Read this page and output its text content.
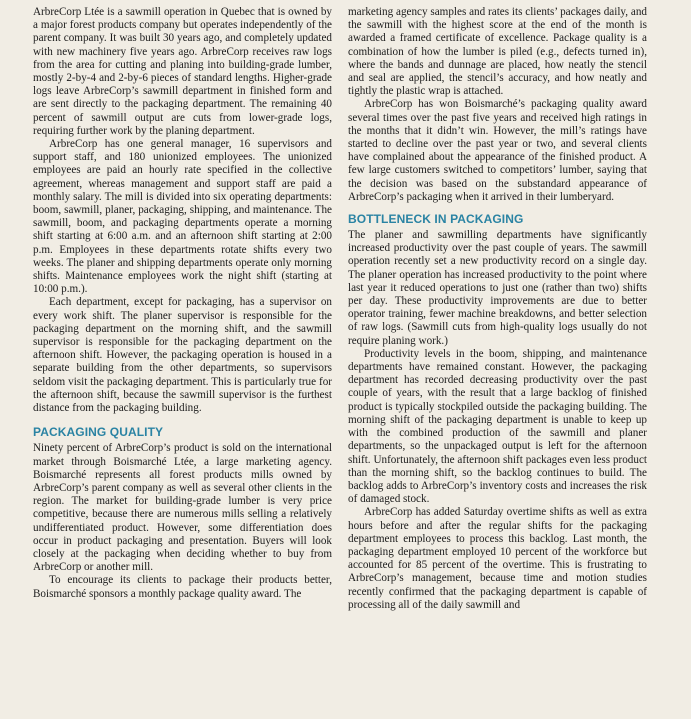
ArbreCorp Ltée is a sawmill operation in Quebec that is owned by a major forest products company but operates independently of the parent company. It was built 30 years ago, and completely updated with new machinery five years ago. ArbreCorp receives raw logs from the area for cutting and planing into building-grade lumber, mostly 2-by-4 and 2-by-6 pieces of standard lengths. Higher-grade logs leave ArbreCorp’s sawmill department in finished form and are sent directly to the packaging department. The remaining 40 percent of sawmill output are cuts from lower-grade logs, requiring further work by the planing department.

ArbreCorp has one general manager, 16 supervisors and support staff, and 180 unionized employees. The unionized employees are paid an hourly rate specified in the collective agreement, whereas management and support staff are paid a monthly salary. The mill is divided into six operating departments: boom, sawmill, planer, packaging, shipping, and maintenance. The sawmill, boom, and packaging departments operate a morning shift starting at 6:00 a.m. and an afternoon shift starting at 2:00 p.m. Employees in these departments rotate shifts every two weeks. The planer and shipping departments operate only morning shifts. Maintenance employees work the night shift (starting at 10:00 p.m.).

Each department, except for packaging, has a supervisor on every work shift. The planer supervisor is responsible for the packaging department on the morning shift, and the sawmill supervisor is responsible for the packaging department on the afternoon shift. However, the packaging operation is housed in a separate building from the other departments, so supervisors seldom visit the packaging department. This is particularly true for the afternoon shift, because the sawmill supervisor is the furthest distance from the packaging building.

PACKAGING QUALITY

Ninety percent of ArbreCorp’s product is sold on the international market through Boismarché Ltée, a large marketing agency. Boismarché represents all forest products mills owned by ArbreCorp’s parent company as well as several other clients in the region. The market for building-grade lumber is very price competitive, because there are numerous mills selling a relatively undifferentiated product. However, some differentiation does occur in product packaging and presentation. Buyers will look closely at the packaging when deciding whether to buy from ArbreCorp or another mill.

To encourage its clients to package their products better, Boismarché sponsors a monthly package quality award. The

marketing agency samples and rates its clients’ packages daily, and the sawmill with the highest score at the end of the month is awarded a framed certificate of excellence. Package quality is a combination of how the lumber is piled (e.g., defects turned in), where the bands and dunnage are placed, how neatly the stencil and seal are applied, the stencil’s accuracy, and how neatly and tightly the plastic wrap is attached.

ArbreCorp has won Boismarché’s packaging quality award several times over the past five years and received high ratings in the months that it didn’t win. However, the mill’s ratings have started to decline over the past year or two, and several clients have complained about the appearance of the finished product. A few large customers switched to competitors’ lumber, saying that the decision was based on the substandard appearance of ArbreCorp’s packaging when it arrived in their lumberyard.

BOTTLENECK IN PACKAGING

The planer and sawmilling departments have significantly increased productivity over the past couple of years. The sawmill operation recently set a new productivity record on a single day. The planer operation has increased productivity to the point where last year it reduced operations to just one (rather than two) shifts per day. These productivity improvements are due to better operator training, fewer machine breakdowns, and better selection of raw logs. (Sawmill cuts from high-quality logs usually do not require planing work.)

Productivity levels in the boom, shipping, and maintenance departments have remained constant. However, the packaging department has recorded decreasing productivity over the past couple of years, with the result that a large backlog of finished product is typically stockpiled outside the packaging building. The morning shift of the packaging department is unable to keep up with the combined production of the sawmill and planer departments, so the unpackaged output is left for the afternoon shift. Unfortunately, the afternoon shift packages even less product than the morning shift, so the backlog continues to build. The backlog adds to ArbreCorp’s inventory costs and increases the risk of damaged stock.

ArbreCorp has added Saturday overtime shifts as well as extra hours before and after the regular shifts for the packaging department employees to process this backlog. Last month, the packaging department employed 10 percent of the workforce but accounted for 85 percent of the overtime. This is frustrating to ArbreCorp’s management, because time and motion studies recently confirmed that the packaging department is capable of processing all of the daily sawmill and
